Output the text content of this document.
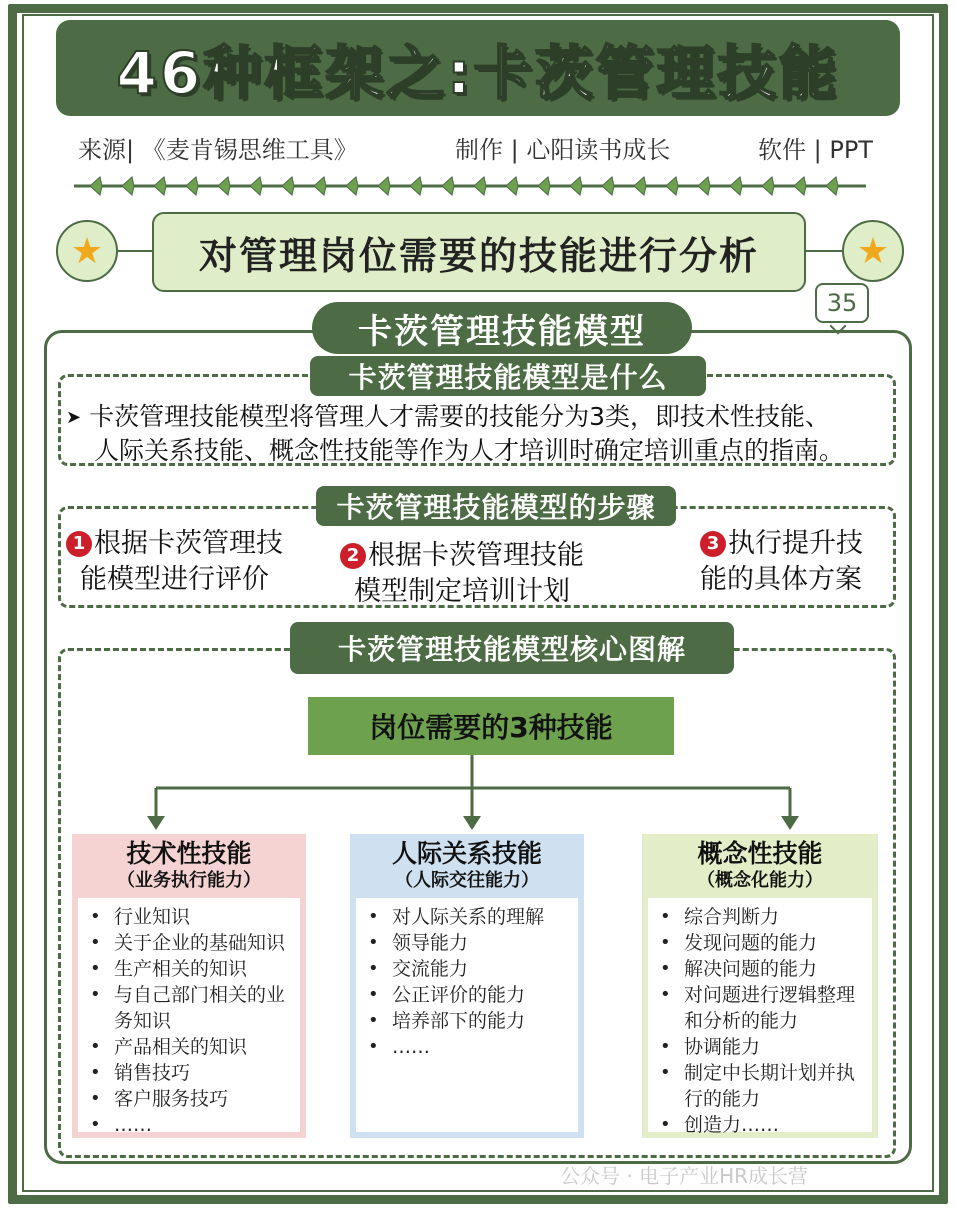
46种框架之:卡茨管理技能
来源| 《麦肯锡思维工具》	制作 | 心阳读书成长	软件 | PPT
★	★
对管理岗位需要的技能进行分析
35
卡茨管理技能模型
卡茨管理技能模型是什么
➤ 卡茨管理技能模型将管理人才需要的技能分为3类，即技术性技能、
人际关系技能、概念性技能等作为人才培训时确定培训重点的指南。
卡茨管理技能模型的步骤
1 根据卡茨管理技
能模型进行评价
2 根据卡茨管理技能
模型制定培训计划
3 执行提升技
能的具体方案
卡茨管理技能模型核心图解
岗位需要的3种技能
技术性技能
（业务执行能力）
• 行业知识
• 关于企业的基础知识
• 生产相关的知识
• 与自己部门相关的业务知识
• 产品相关的知识
• 销售技巧
• 客户服务技巧
• ……
人际关系技能
（人际交往能力）
• 对人际关系的理解
• 领导能力
• 交流能力
• 公正评价的能力
• 培养部下的能力
• ……
概念性技能
（概念化能力）
• 综合判断力
• 发现问题的能力
• 解决问题的能力
• 对问题进行逻辑整理和分析的能力
• 协调能力
• 制定中长期计划并执行的能力
• 创造力……
公众号 · 电子产业HR成长营
